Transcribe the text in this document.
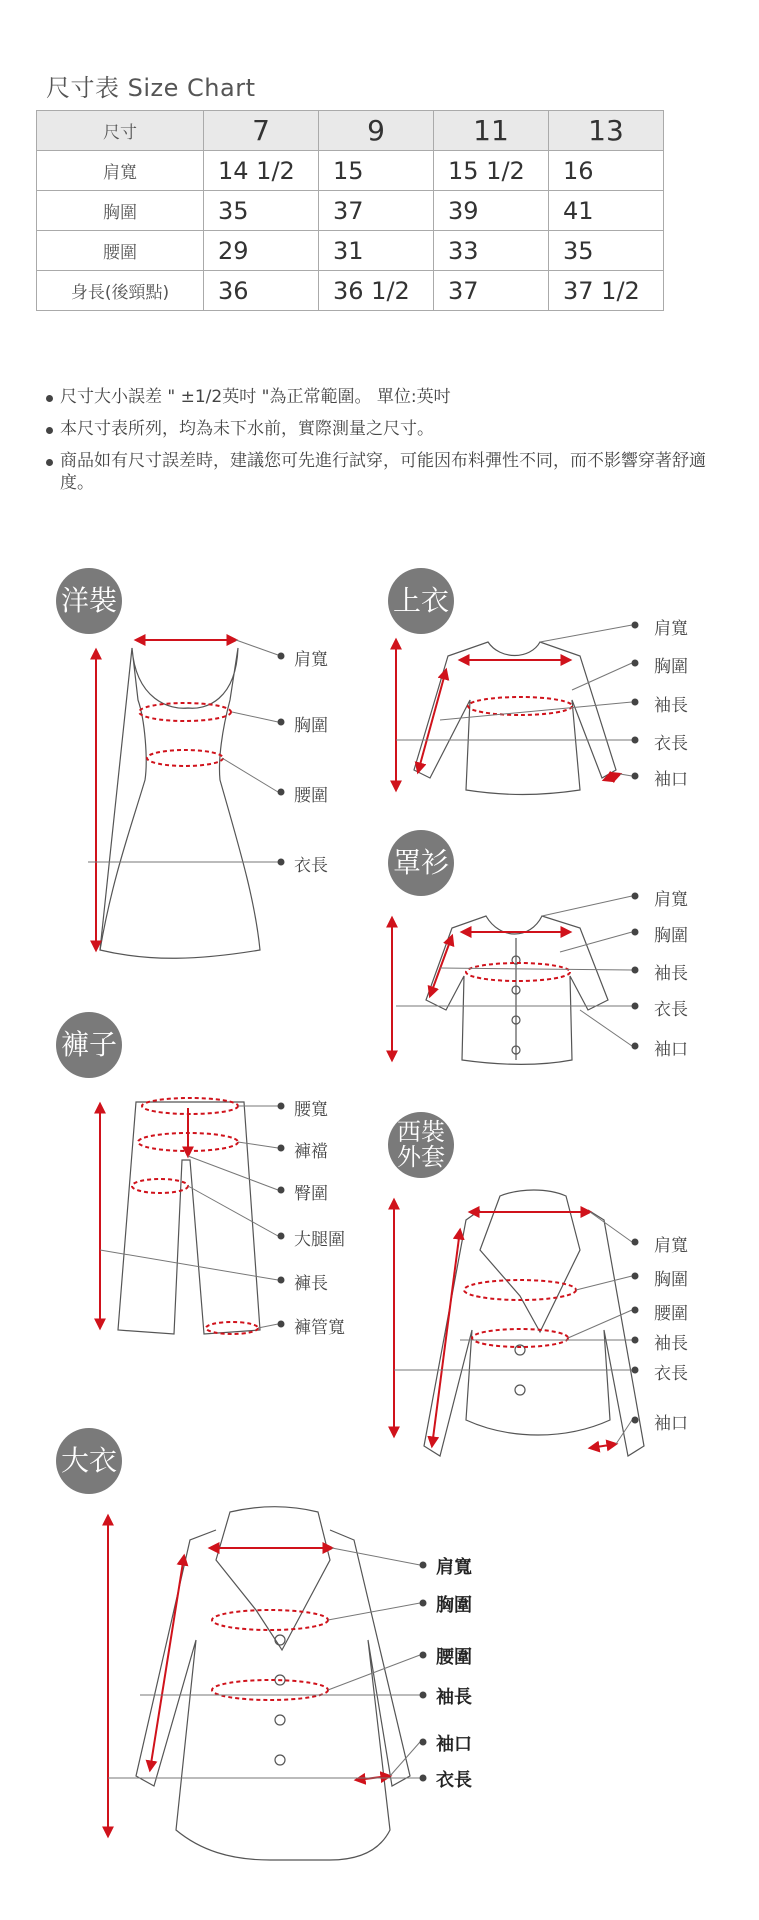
尺寸表 Size Chart
尺寸	7	9	11	13
肩寬	14 1/2	15	15 1/2	16
胸圍	35	37	39	41
腰圍	29	31	33	35
身長(後頸點)	36	36 1/2	37	37 1/2
尺寸大小誤差 " ±1/2英吋 "為正常範圍。 單位:英吋
本尺寸表所列，均為未下水前，實際測量之尺寸。
商品如有尺寸誤差時，建議您可先進行試穿，可能因布料彈性不同，而不影響穿著舒適度。
洋裝	上衣
罩衫
褲子
西裝
外套
大衣
肩寬
胸圍
腰圍
衣長
肩寬
胸圍
袖長
衣長
袖口
肩寬
胸圍
袖長
衣長
袖口
腰寬
褲襠
臀圍
大腿圍
褲長
褲管寬
肩寬
胸圍
腰圍
袖長
衣長
袖口
肩寬
胸圍
腰圍
袖長
袖口
衣長
